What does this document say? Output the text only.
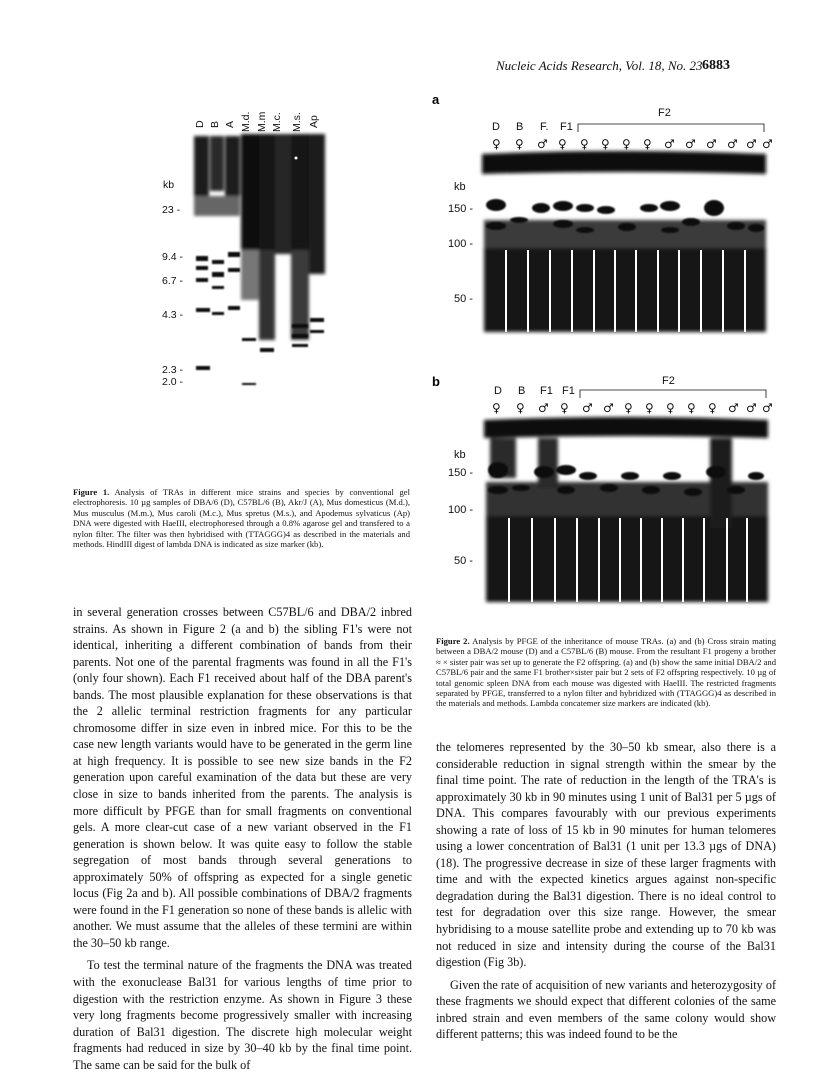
Nucleic Acids Research, Vol. 18, No. 23 6883
D B A M.d. M.m M.c. M.s. Ap
kb
23 -
9.4 -
6.7 -
4.3 -
2.3 -
2.0 -
Figure 1. Analysis of TRAs in different mice strains and species by conventional gel electrophoresis. 10 µg samples of DBA/6 (D), C57BL/6 (B), Akr/J (A), Mus domesticus (M.d.), Mus musculus (M.m.), Mus caroli (M.c.), Mus spretus (M.s.), and Apodemus sylvaticus (Ap) DNA were digested with HaeIII, electrophoresed through a 0.8% agarose gel and transfered to a nylon filter. The filter was then hybridised with (TTAGGG)4 as described in the materials and methods. HindIII digest of lambda DNA is indicated as size marker (kb).
a
D B F. F1
F2
♀ ♀ ♂ ♀ ♀ ♀ ♀ ♀ ♂ ♂ ♂ ♂ ♂ ♂
kb
150 -
100 -
50 -
b
D B F1 F1
F2
♀ ♀ ♂ ♀ ♂ ♂ ♀ ♀ ♀ ♀ ♀ ♂ ♂ ♂
kb
150 -
100 -
50 -
Figure 2. Analysis by PFGE of the inheritance of mouse TRAs. (a) and (b) Cross strain mating between a DBA/2 mouse (D) and a C57BL/6 (B) mouse. From the resultant F1 progeny a brother ≈ × sister pair was set up to generate the F2 offspring. (a) and (b) show the same initial DBA/2 and C57BL/6 pair and the same F1 brother×sister pair but 2 sets of F2 offspring respectively. 10 µg of total genomic spleen DNA from each mouse was digested with HaeIII. The restricted fragments separated by PFGE, transferred to a nylon filter and hybridized with (TTAGGG)4 as described in the materials and methods. Lambda concatemer size markers are indicated (kb).

in several generation crosses between C57BL/6 and DBA/2 inbred strains. As shown in Figure 2 (a and b) the sibling F1's were not identical, inheriting a different combination of bands from their parents. Not one of the parental fragments was found in all the F1's (only four shown). Each F1 received about half of the DBA parent's bands. The most plausible explanation for these observations is that the 2 allelic terminal restriction fragments for any particular chromosome differ in size even in inbred mice. For this to be the case new length variants would have to be generated in the germ line at high frequency. It is possible to see new size bands in the F2 generation upon careful examination of the data but these are very close in size to bands inherited from the parents. The analysis is more difficult by PFGE than for small fragments on conventional gels. A more clear-cut case of a new variant observed in the F1 generation is shown below. It was quite easy to follow the stable segregation of most bands through several generations to approximately 50% of offspring as expected for a single genetic locus (Fig 2a and b). All possible combinations of DBA/2 fragments were found in the F1 generation so none of these bands is allelic with another. We must assume that the alleles of these termini are within the 30–50 kb range.

To test the terminal nature of the fragments the DNA was treated with the exonuclease Bal31 for various lengths of time prior to digestion with the restriction enzyme. As shown in Figure 3 these very long fragments become progressively smaller with increasing duration of Bal31 digestion. The discrete high molecular weight fragments had reduced in size by 30–40 kb by the final time point. The same can be said for the bulk of

the telomeres represented by the 30–50 kb smear, also there is a considerable reduction in signal strength within the smear by the final time point. The rate of reduction in the length of the TRA's is approximately 30 kb in 90 minutes using 1 unit of Bal31 per 5 µgs of DNA. This compares favourably with our previous experiments showing a rate of loss of 15 kb in 90 minutes for human telomeres using a lower concentration of Bal31 (1 unit per 13.3 µgs of DNA)(18). The progressive decrease in size of these larger fragments with time and with the expected kinetics argues against non-specific degradation during the Bal31 digestion. There is no ideal control to test for degradation over this size range. However, the smear hybridising to a mouse satellite probe and extending up to 70 kb was not reduced in size and intensity during the course of the Bal31 digestion (Fig 3b).

Given the rate of acquisition of new variants and heterozygosity of these fragments we should expect that different colonies of the same inbred strain and even members of the same colony would show different patterns; this was indeed found to be the
